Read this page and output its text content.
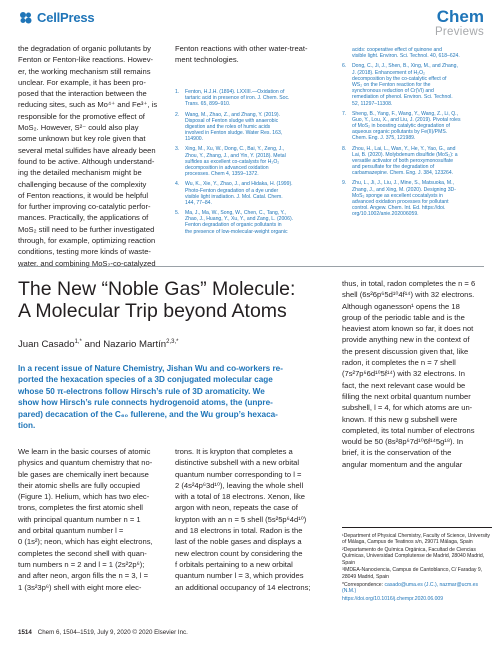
CellPress	Chem
Previews
the degradation of organic pollutants by
Fenton or Fenton-like reactions. Howev-
er, the working mechanism still remains
unclear. For example, it has been pro-
posed that the interaction between the
reducing sites, such as Mo⁴⁺ and Fe³⁺, is
responsible for the promotive effect of
MoS₂. However, S²⁻ could also play
some unknown but key role given that
several metal sulfides have already been
found to be active. Although understand-
ing the detailed mechanism might be
challenging because of the complexity
of Fenton reactions, it would be helpful
for further improving co-catalytic perfor-
mances. Practically, the applications of
MoS₂ still need to be further investigated
through, for example, optimizing reaction
conditions, testing more kinds of waste-
water, and combining MoS₂-co-catalyzed
Fenton reactions with other water-treat-
ment technologies.
1.	Fenton, H.J.H. (1894). LXXIII.—Oxidation of
tartaric acid in presence of iron. J. Chem. Soc.
Trans. 65, 899–910.
2.	Wang, M., Zhao, Z., and Zhang, Y. (2019).
Disposal of Fenton sludge with anaerobic
digestion and the roles of humic acids
involved in Fenton sludge. Water Res. 163,
114900.
3.	Xing, M., Xu, W., Dong, C., Bai, Y., Zeng, J.,
Zhou, Y., Zhang, J., and Yin, Y. (2018). Metal
sulfides as excellent co-catalysts for H₂O₂
decomposition in advanced oxidation
processes. Chem 4, 1359–1372.
4.	Wu, K., Xie, Y., Zhao, J., and Hidaka, H. (1999).
Photo-Fenton degradation of a dye under
visible light irradiation. J. Mol. Catal. Chem.
144, 77–84.
5.	Ma, J., Ma, W., Song, W., Chen, C., Tang, Y.,
Zhao, J., Huang, Y., Xu, Y., and Zang, L. (2006).
Fenton degradation of organic pollutants in
the presence of low-molecular-weight organic
acids: cooperative effect of quinone and
visible light. Environ. Sci. Technol. 40, 618–624.
6.	Dong, C., Ji, J., Shen, B., Xing, M., and Zhang,
J. (2018). Enhancement of H₂O₂
decomposition by the co-catalytic effect of
WS₂ on the Fenton reaction for the
synchronous reduction of Cr(VI) and
remediation of phenol. Environ. Sci. Technol.
52, 11297–11308.
7.	Sheng, B., Yang, F., Wang, Y., Wang, Z., Li, Q.,
Guo, Y., Lou, X., and Liu, J. (2019). Pivotal roles
of MoS₂ in boosting catalytic degradation of
aqueous organic pollutants by Fe(II)/PMS.
Chem. Eng. J. 375, 121989.
8.	Zhou, H., Lai, L., Wan, Y., He, Y., Yao, G., and
Lai, B. (2020). Molybdenum disulfide (MoS₂): a
versatile activator of both peroxymonosulfate
and persulfate for the degradation of
carbamazepine. Chem. Eng. J. 384, 123264.
9.	Zhu, L., Ji, J., Liu, J., Mine, S., Matsuoka, M.,
Zhang, J., and Xing, M. (2020). Designing 3D-
MoS₂ sponge as excellent cocatalysts in
advanced oxidation processes for pollutant
control. Angew. Chem. Int. Ed. https://doi.
org/10.1002/anie.202006059.
The New “Noble Gas” Molecule:
A Molecular Trip beyond Atoms
Juan Casado$^{1,*}$ and Nazario Martín$^{2,3,*}$
In a recent issue of Nature Chemistry, Jishan Wu and co-workers re-
ported the hexacation species of a 3D conjugated molecular cage
whose 50 π-electrons follow Hirsch’s rule of 3D aromaticity. We
show how Hirsch’s rule connects hydrogenoid atoms, the (unpre-
pared) decacation of the C₆₀ fullerene, and the Wu group’s hexaca-
tion.
We learn in the basic courses of atomic
physics and quantum chemistry that no-
ble gases are chemically inert because
their atomic shells are fully occupied
(Figure 1). Helium, which has two elec-
trons, completes the first atomic shell
with principal quantum number n = 1
and orbital quantum number l =
0 (1s²); neon, which has eight electrons,
completes the second shell with quan-
tum numbers n = 2 and l = 1 (2s²2p⁶);
and after neon, argon fills the n = 3, l =
1 (3s²3p⁶) shell with eight more elec-
trons. It is krypton that completes a
distinctive subshell with a new orbital
quantum number corresponding to l =
2 (4s²4p⁶3d¹⁰), leaving the whole shell
with a total of 18 electrons. Xenon, like
argon with neon, repeats the case of
krypton with an n = 5 shell (5s²5p⁶4d¹⁰)
and 18 electrons in total. Radon is the
last of the noble gases and displays a
new electron count by considering the
f orbitals pertaining to a new orbital
quantum number l = 3, which provides
an additional occupancy of 14 electrons;
thus, in total, radon completes the n = 6
shell (6s²6p⁶5d¹⁰4f¹⁴) with 32 electrons.
Although oganesson¹ opens the 18
group of the periodic table and is the
heaviest atom known so far, it does not
provide anything new in the context of
the present discussion given that, like
radon, it completes the n = 7 shell
(7s²7p⁶6d¹⁰5f¹⁴) with 32 electrons. In
fact, the next relevant case would be
filling the next orbital quantum number
subshell, l = 4, for which atoms are un-
known. If this new g subshell were
completed, its total number of electrons
would be 50 (8s²8p⁶7d¹⁰6f¹⁴5g¹⁸). In
brief, it is the conservation of the
angular momentum and the angular
¹Department of Physical Chemistry, Faculty of Science, University of Málaga, Campus de Teatinos s/n, 29071 Málaga, Spain
²Departamento de Química Orgánica, Facultad de Ciencias Químicas, Universidad Complutense de Madrid, 28040 Madrid, Spain
³IMDEA-Nanociencia, Campus de Cantoblanco, C/ Faraday 9, 28049 Madrid, Spain
*Correspondence: casado@uma.es (J.C.), nazmar@ucm.es (N.M.)
https://doi.org/10.1016/j.chempr.2020.06.009
1514 Chem 6, 1504–1519, July 9, 2020 © 2020 Elsevier Inc.
